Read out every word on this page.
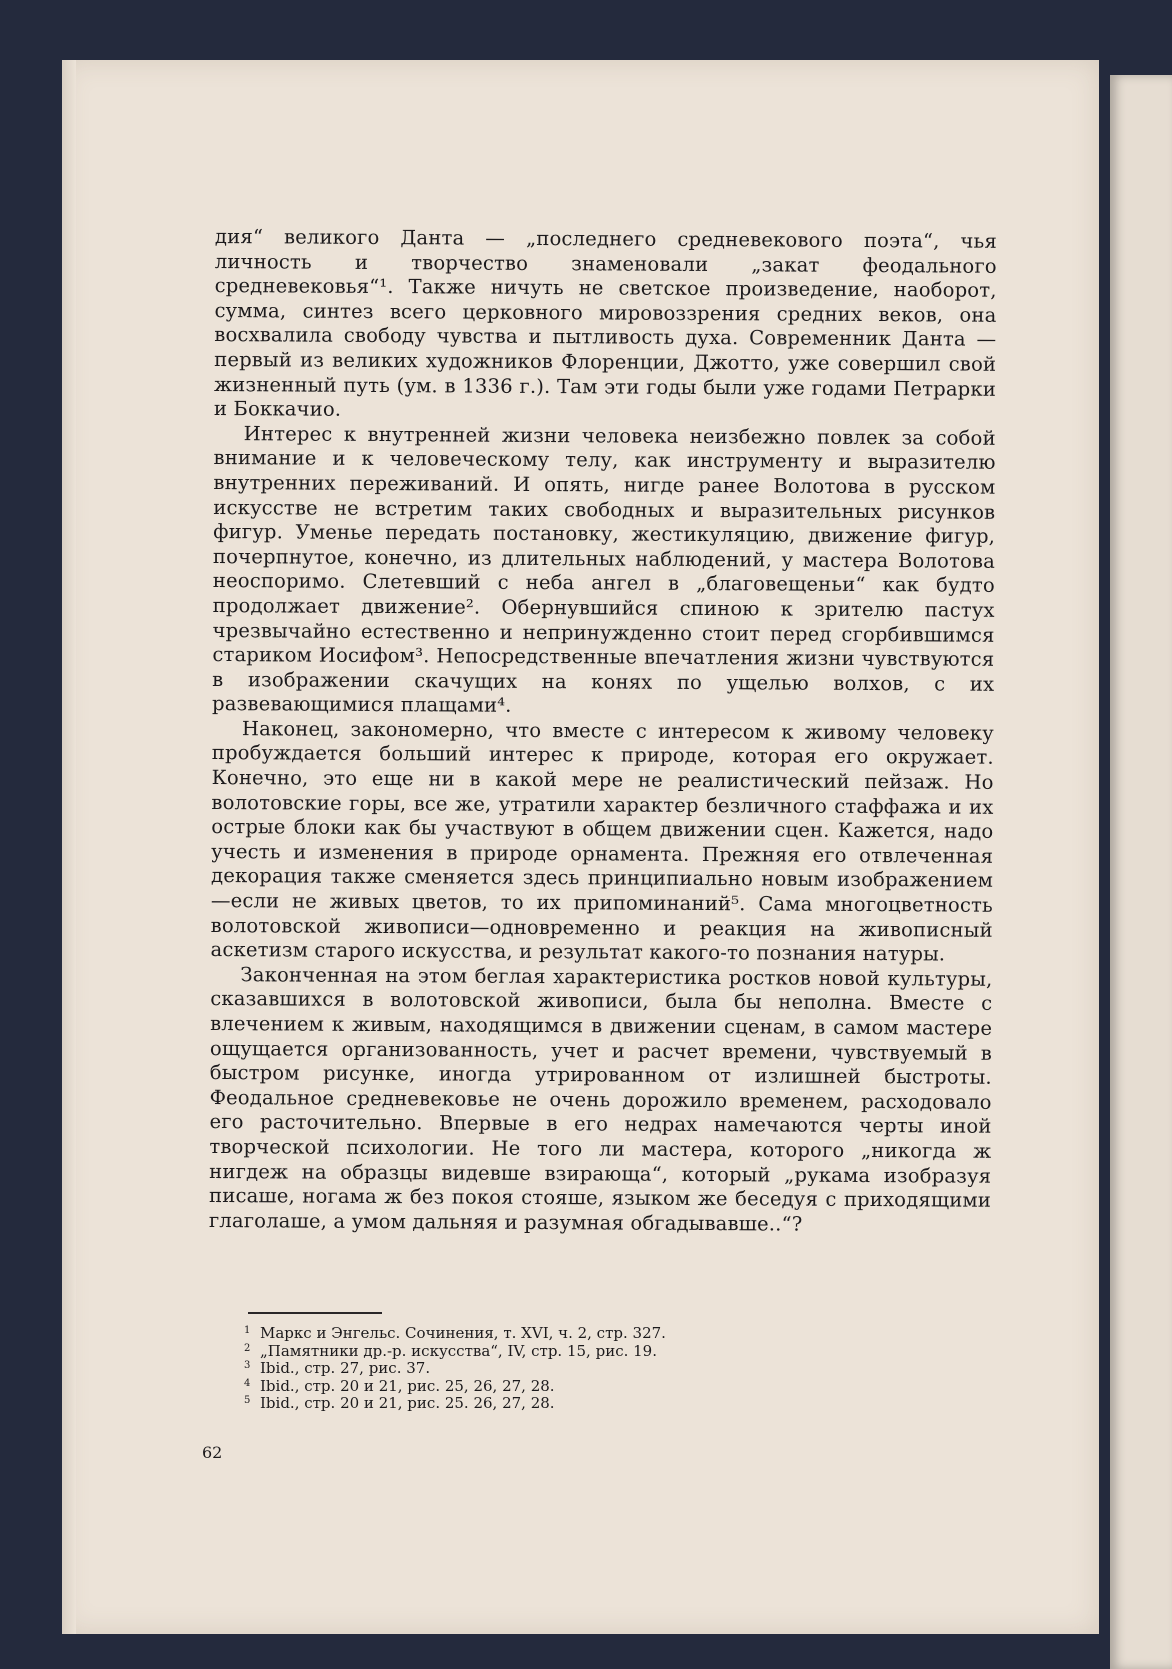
дия“ великого Данта — „последнего средневекового поэта“, чья личность и творчество знаменовали „закат феодального средневековья“¹. Также ничуть не светское произведение, наоборот, сумма, синтез всего церковного мировоззрения средних веков, она восхвалила свободу чувства и пытливость духа. Современник Данта — первый из великих художников Флоренции, Джотто, уже совершил свой жизненный путь (ум. в 1336 г.). Там эти годы были уже годами Петрарки и Боккачио.

Интерес к внутренней жизни человека неизбежно повлек за собой внимание и к человеческому телу, как инструменту и выразителю внутренних переживаний. И опять, нигде ранее Волотова в русском искусстве не встретим таких свободных и выразительных рисунков фигур. Уменье передать постановку, жестикуляцию, движение фигур, почерпнутое, конечно, из длительных наблюдений, у мастера Волотова неоспоримо. Слетевший с неба ангел в „благовещеньи“ как будто продолжает движение². Обернувшийся спиною к зрителю пастух чрезвычайно естественно и непринужденно стоит перед сгорбившимся стариком Иосифом³. Непосредственные впечатления жизни чувствуются в изображении скачущих на конях по ущелью волхов, с их развевающимися плащами⁴.

Наконец, закономерно, что вместе с интересом к живому человеку пробуждается больший интерес к природе, которая его окружает. Конечно, это еще ни в какой мере не реалистический пейзаж. Но волотовские горы, все же, утратили характер безличного стаффажа и их острые блоки как бы участвуют в общем движении сцен. Кажется, надо учесть и изменения в природе орнамента. Прежняя его отвлеченная декорация также сменяется здесь принципиально новым изображением—если не живых цветов, то их припоминаний⁵. Сама многоцветность волотовской живописи—одновременно и реакция на живописный аскетизм старого искусства, и результат какого-то познания натуры.

Законченная на этом беглая характеристика ростков новой культуры, сказавшихся в волотовской живописи, была бы неполна. Вместе с влечением к живым, находящимся в движении сценам, в самом мастере ощущается организованность, учет и расчет времени, чувствуемый в быстром рисунке, иногда утрированном от излишней быстроты. Феодальное средневековье не очень дорожило временем, расходовало его расточительно. Впервые в его недрах намечаются черты иной творческой психологии. Не того ли мастера, которого „никогда ж нигдеж на образцы видевше взирающа“, который „рукама изобразуя писаше, ногама ж без покоя стояше, языком же беседуя с приходящими глаголаше, а умом дальняя и разумная обгадывавше..“?

1 Маркс и Энгельс. Сочинения, т. XVI, ч. 2, стр. 327.
2 „Памятники др.-р. искусства“, IV, стр. 15, рис. 19.
3 Ibid., стр. 27, рис. 37.
4 Ibid., стр. 20 и 21, рис. 25, 26, 27, 28.
5 Ibid., стр. 20 и 21, рис. 25. 26, 27, 28.
62
